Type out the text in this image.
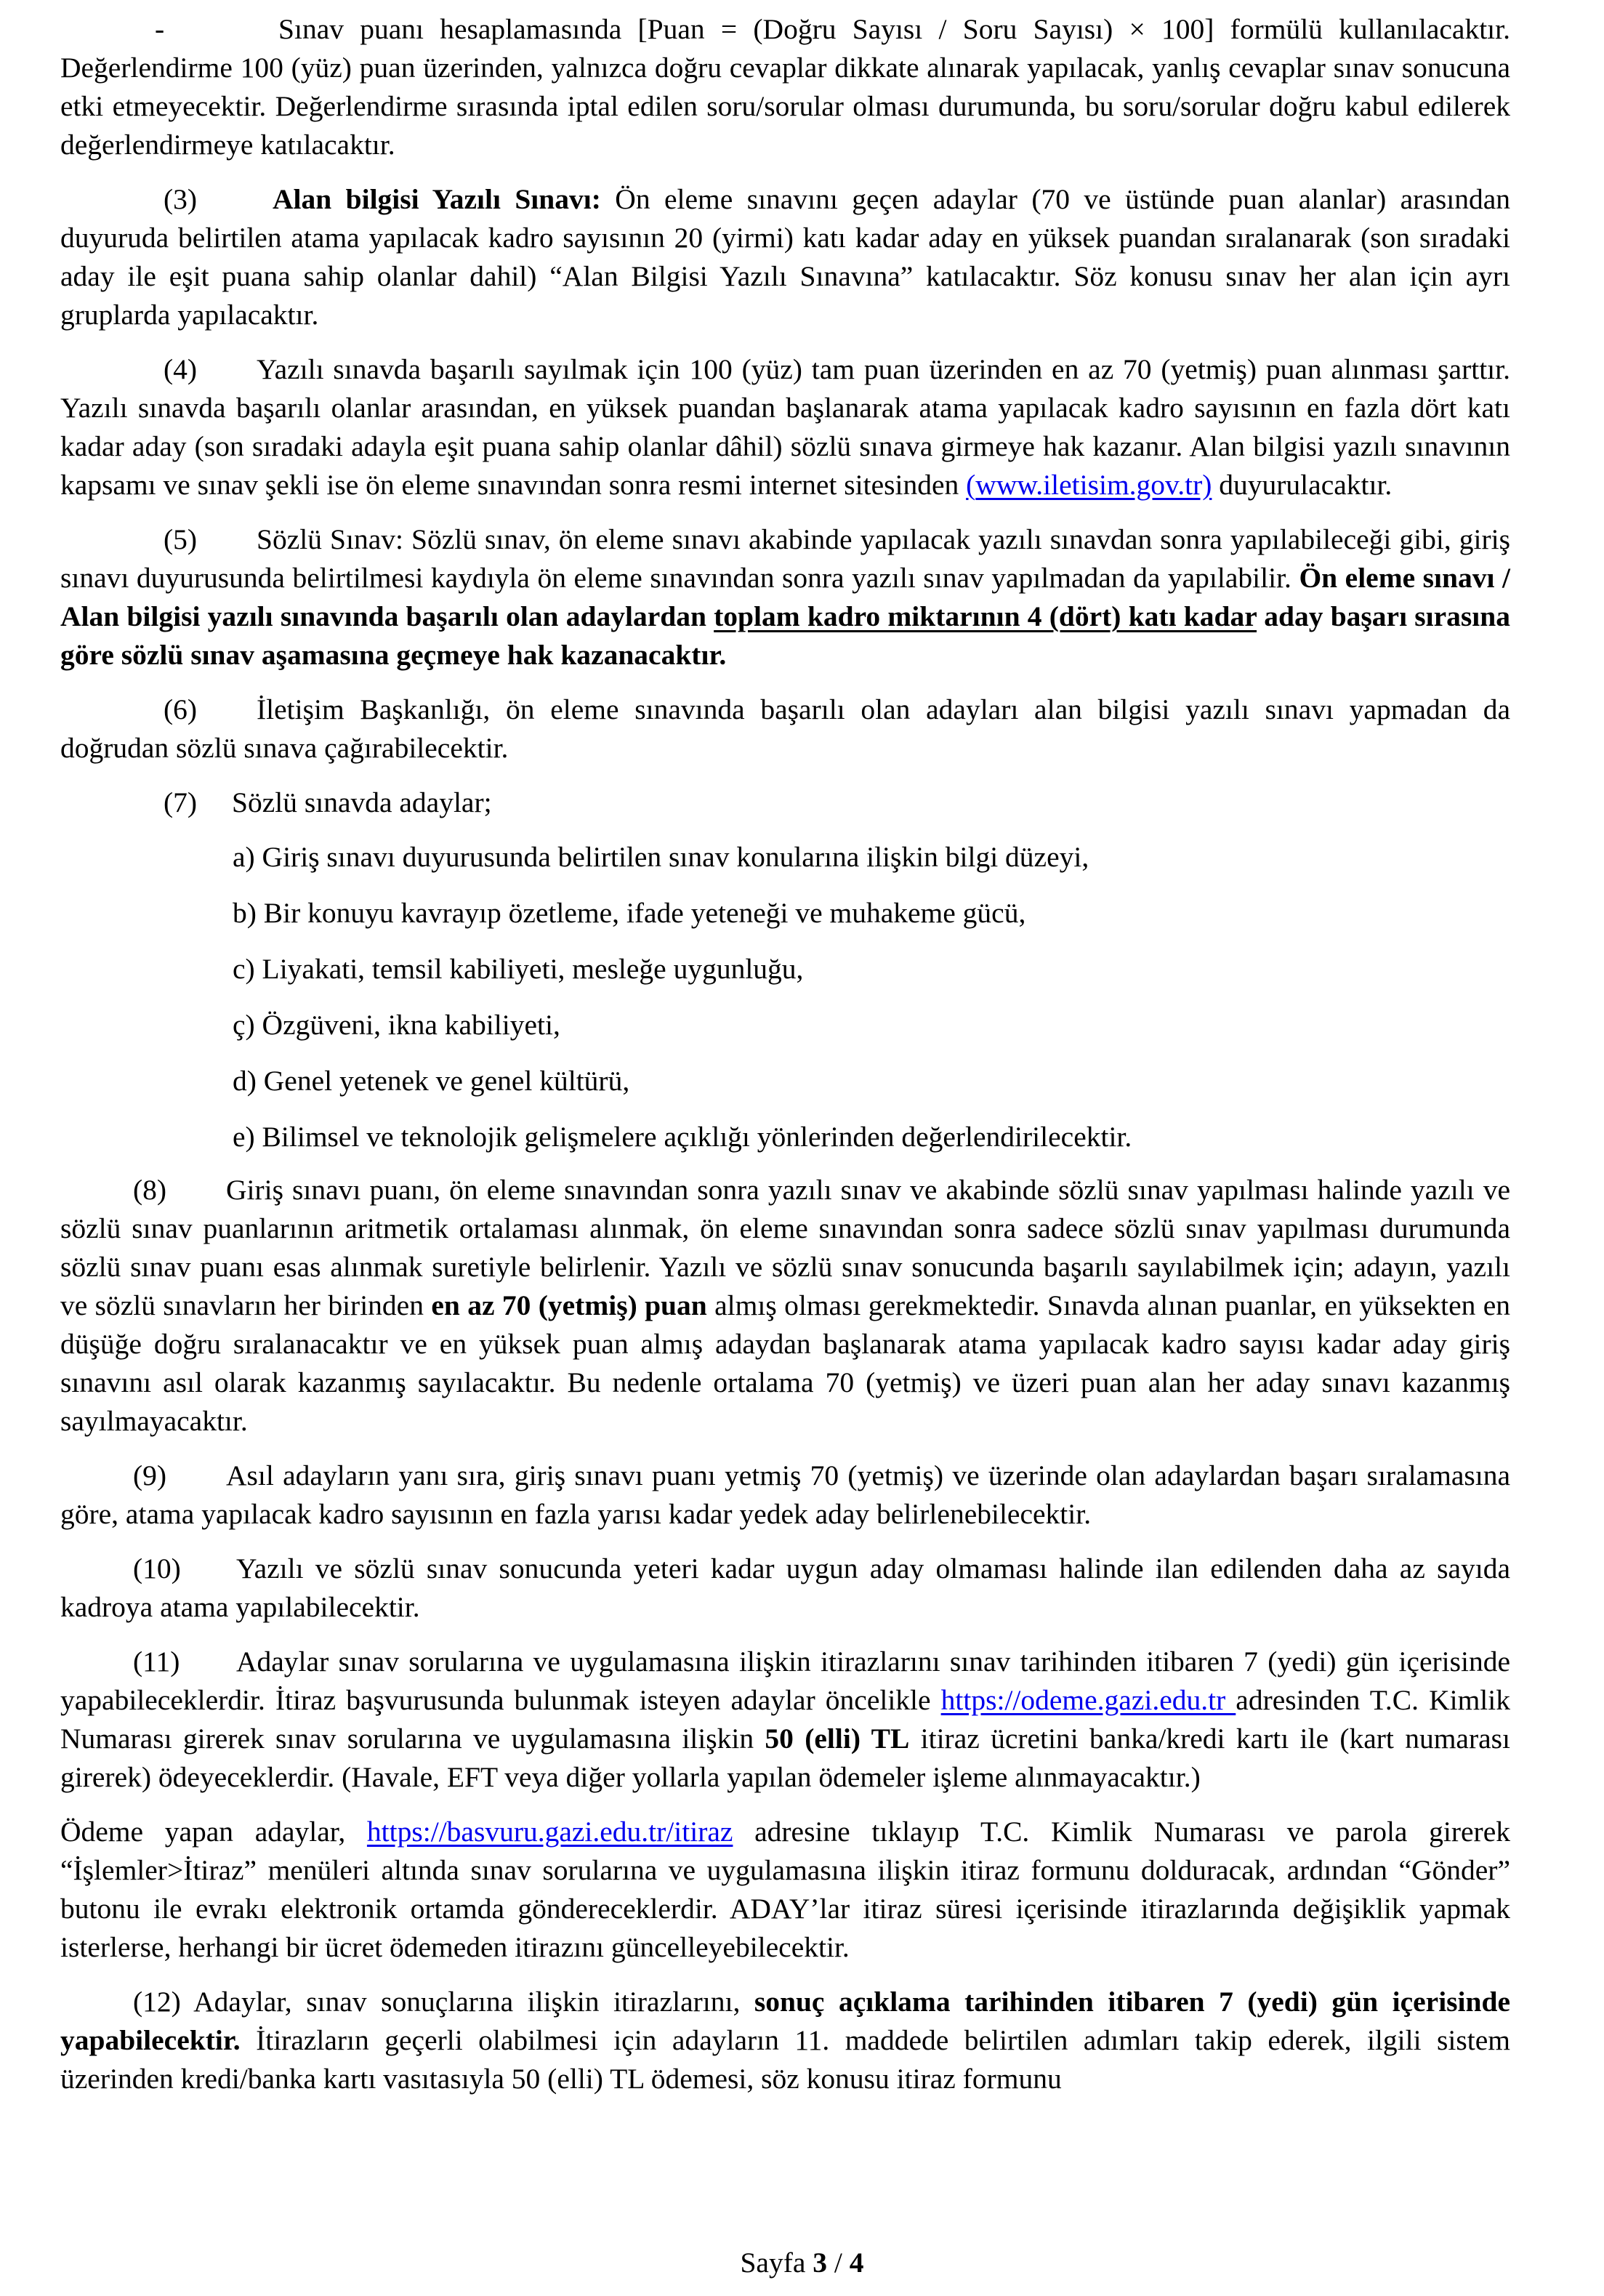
-	Sınav puanı hesaplamasında [Puan = (Doğru Sayısı / Soru Sayısı) × 100] formülü kullanılacaktır. Değerlendirme 100 (yüz) puan üzerinden, yalnızca doğru cevaplar dikkate alınarak yapılacak, yanlış cevaplar sınav sonucuna etki etmeyecektir. Değerlendirme sırasında iptal edilen soru/sorular olması durumunda, bu soru/sorular doğru kabul edilerek değerlendirmeye katılacaktır.

(3)	Alan bilgisi Yazılı Sınavı: Ön eleme sınavını geçen adaylar (70 ve üstünde puan alanlar) arasından duyuruda belirtilen atama yapılacak kadro sayısının 20 (yirmi) katı kadar aday en yüksek puandan sıralanarak (son sıradaki aday ile eşit puana sahip olanlar dahil) “Alan Bilgisi Yazılı Sınavına” katılacaktır. Söz konusu sınav her alan için ayrı gruplarda yapılacaktır.

(4) Yazılı sınavda başarılı sayılmak için 100 (yüz) tam puan üzerinden en az 70 (yetmiş) puan alınması şarttır. Yazılı sınavda başarılı olanlar arasından, en yüksek puandan başlanarak atama yapılacak kadro sayısının en fazla dört katı kadar aday (son sıradaki adayla eşit puana sahip olanlar dâhil) sözlü sınava girmeye hak kazanır. Alan bilgisi yazılı sınavının kapsamı ve sınav şekli ise ön eleme sınavından sonra resmi internet sitesinden (www.iletisim.gov.tr) duyurulacaktır.

(5) Sözlü Sınav: Sözlü sınav, ön eleme sınavı akabinde yapılacak yazılı sınavdan sonra yapılabileceği gibi, giriş sınavı duyurusunda belirtilmesi kaydıyla ön eleme sınavından sonra yazılı sınav yapılmadan da yapılabilir. Ön eleme sınavı / Alan bilgisi yazılı sınavında başarılı olan adaylardan toplam kadro miktarının 4 (dört) katı kadar aday başarı sırasına göre sözlü sınav aşamasına geçmeye hak kazanacaktır.

(6) İletişim Başkanlığı, ön eleme sınavında başarılı olan adayları alan bilgisi yazılı sınavı yapmadan da doğrudan sözlü sınava çağırabilecektir.

(7) Sözlü sınavda adaylar;

a) Giriş sınavı duyurusunda belirtilen sınav konularına ilişkin bilgi düzeyi,
b) Bir konuyu kavrayıp özetleme, ifade yeteneği ve muhakeme gücü,
c) Liyakati, temsil kabiliyeti, mesleğe uygunluğu,
ç) Özgüveni, ikna kabiliyeti,
d) Genel yetenek ve genel kültürü,
e) Bilimsel ve teknolojik gelişmelere açıklığı yönlerinden değerlendirilecektir.

(8) Giriş sınavı puanı, ön eleme sınavından sonra yazılı sınav ve akabinde sözlü sınav yapılması halinde yazılı ve sözlü sınav puanlarının aritmetik ortalaması alınmak, ön eleme sınavından sonra sadece sözlü sınav yapılması durumunda sözlü sınav puanı esas alınmak suretiyle belirlenir. Yazılı ve sözlü sınav sonucunda başarılı sayılabilmek için; adayın, yazılı ve sözlü sınavların her birinden en az 70 (yetmiş) puan almış olması gerekmektedir. Sınavda alınan puanlar, en yüksekten en düşüğe doğru sıralanacaktır ve en yüksek puan almış adaydan başlanarak atama yapılacak kadro sayısı kadar aday giriş sınavını asıl olarak kazanmış sayılacaktır. Bu nedenle ortalama 70 (yetmiş) ve üzeri puan alan her aday sınavı kazanmış sayılmayacaktır.

(9) Asıl adayların yanı sıra, giriş sınavı puanı yetmiş 70 (yetmiş) ve üzerinde olan adaylardan başarı sıralamasına göre, atama yapılacak kadro sayısının en fazla yarısı kadar yedek aday belirlenebilecektir.

(10) Yazılı ve sözlü sınav sonucunda yeteri kadar uygun aday olmaması halinde ilan edilenden daha az sayıda kadroya atama yapılabilecektir.

(11) Adaylar sınav sorularına ve uygulamasına ilişkin itirazlarını sınav tarihinden itibaren 7 (yedi) gün içerisinde yapabileceklerdir. İtiraz başvurusunda bulunmak isteyen adaylar öncelikle https://odeme.gazi.edu.tr adresinden T.C. Kimlik Numarası girerek sınav sorularına ve uygulamasına ilişkin 50 (elli) TL itiraz ücretini banka/kredi kartı ile (kart numarası girerek) ödeyeceklerdir. (Havale, EFT veya diğer yollarla yapılan ödemeler işleme alınmayacaktır.)

Ödeme yapan adaylar, https://basvuru.gazi.edu.tr/itiraz adresine tıklayıp T.C. Kimlik Numarası ve parola girerek “İşlemler>İtiraz” menüleri altında sınav sorularına ve uygulamasına ilişkin itiraz formunu dolduracak, ardından “Gönder” butonu ile evrakı elektronik ortamda göndereceklerdir. ADAY’lar itiraz süresi içerisinde itirazlarında değişiklik yapmak isterlerse, herhangi bir ücret ödemeden itirazını güncelleyebilecektir.

(12) Adaylar, sınav sonuçlarına ilişkin itirazlarını, sonuç açıklama tarihinden itibaren 7 (yedi) gün içerisinde yapabilecektir. İtirazların geçerli olabilmesi için adayların 11. maddede belirtilen adımları takip ederek, ilgili sistem üzerinden kredi/banka kartı vasıtasıyla 50 (elli) TL ödemesi, söz konusu itiraz formunu

Sayfa 3 / 4
